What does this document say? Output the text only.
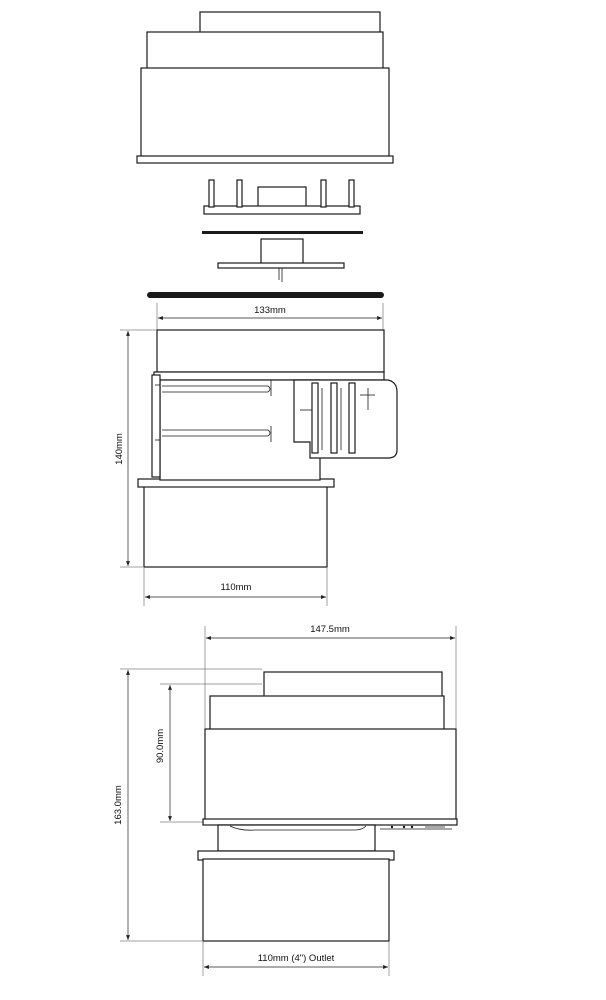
133mm
140mm
110mm
147.5mm
90.0mm
163.0mm
110mm (4") Outlet
